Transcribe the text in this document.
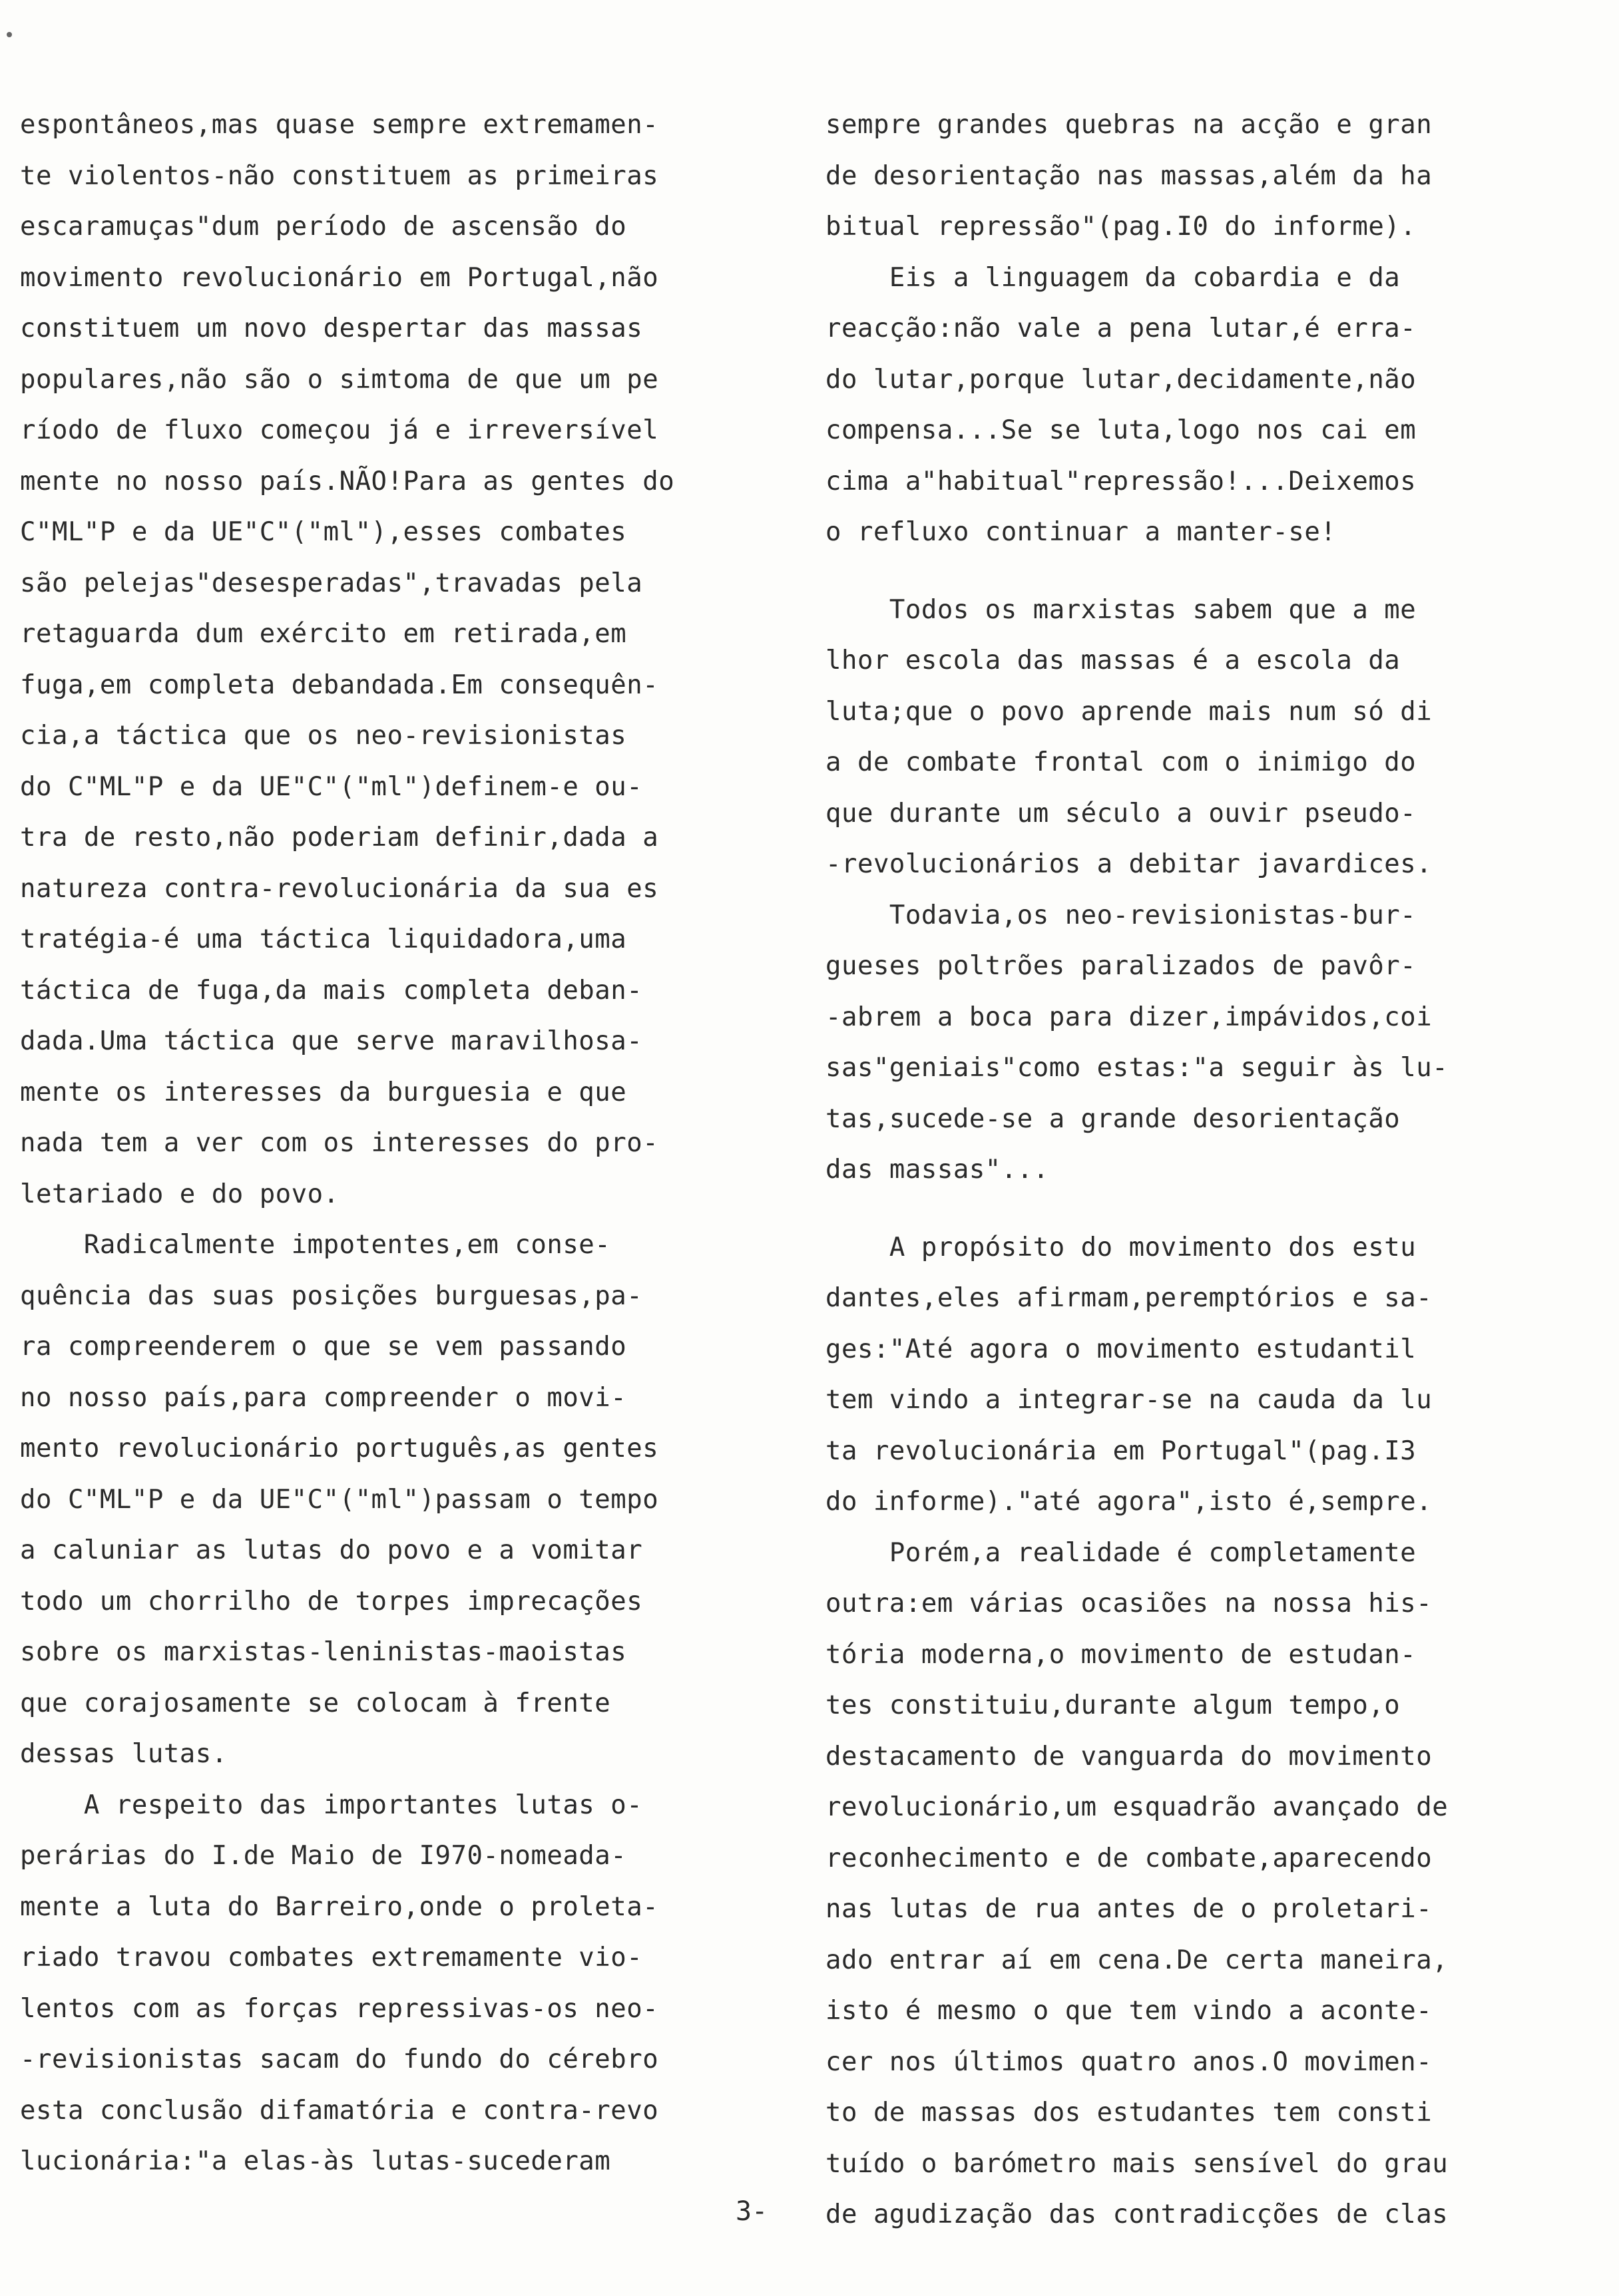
espontâneos,mas quase sempre extremamen-
te violentos-não constituem as primeiras
escaramuças"dum período de ascensão do
movimento revolucionário em Portugal,não
constituem um novo despertar das massas
populares,não são o simtoma de que um pe
ríodo de fluxo começou já e irreversível
mente no nosso país.NÃO!Para as gentes do
C"ML"P e da UE"C"("ml"),esses combates
são pelejas"desesperadas",travadas pela
retaguarda dum exército em retirada,em
fuga,em completa debandada.Em consequên-
cia,a táctica que os neo-revisionistas
do C"ML"P e da UE"C"("ml")definem-e ou-
tra de resto,não poderiam definir,dada a
natureza contra-revolucionária da sua es
tratégia-é uma táctica liquidadora,uma
táctica de fuga,da mais completa deban-
dada.Uma táctica que serve maravilhosa-
mente os interesses da burguesia e que
nada tem a ver com os interesses do pro-
letariado e do povo.
Radicalmente impotentes,em conse-
quência das suas posições burguesas,pa-
ra compreenderem o que se vem passando
no nosso país,para compreender o movi-
mento revolucionário português,as gentes
do C"ML"P e da UE"C"("ml")passam o tempo
a caluniar as lutas do povo e a vomitar
todo um chorrilho de torpes imprecações
sobre os marxistas-leninistas-maoistas
que corajosamente se colocam à frente
dessas lutas.
A respeito das importantes lutas o-
perárias do I.de Maio de I970-nomeada-
mente a luta do Barreiro,onde o proleta-
riado travou combates extremamente vio-
lentos com as forças repressivas-os neo-
-revisionistas sacam do fundo do cérebro
esta conclusão difamatória e contra-revo
lucionária:"a elas-às lutas-sucederam
sempre grandes quebras na acção e gran
de desorientação nas massas,além da ha
bitual repressão"(pag.I0 do informe).
Eis a linguagem da cobardia e da
reacção:não vale a pena lutar,é erra-
do lutar,porque lutar,decidamente,não
compensa...Se se luta,logo nos cai em
cima a"habitual"repressão!...Deixemos
o refluxo continuar a manter-se!
Todos os marxistas sabem que a me
lhor escola das massas é a escola da
luta;que o povo aprende mais num só di
a de combate frontal com o inimigo do
que durante um século a ouvir pseudo-
-revolucionários a debitar javardices.
Todavia,os neo-revisionistas-bur-
gueses poltrões paralizados de pavôr-
-abrem a boca para dizer,impávidos,coi
sas"geniais"como estas:"a seguir às lu-
tas,sucede-se a grande desorientação
das massas"...
A propósito do movimento dos estu
dantes,eles afirmam,peremptórios e sa-
ges:"Até agora o movimento estudantil
tem vindo a integrar-se na cauda da lu
ta revolucionária em Portugal"(pag.I3
do informe)."até agora",isto é,sempre.
Porém,a realidade é completamente
outra:em várias ocasiões na nossa his-
tória moderna,o movimento de estudan-
tes constituiu,durante algum tempo,o
destacamento de vanguarda do movimento
revolucionário,um esquadrão avançado de
reconhecimento e de combate,aparecendo
nas lutas de rua antes de o proletari-
ado entrar aí em cena.De certa maneira,
isto é mesmo o que tem vindo a aconte-
cer nos últimos quatro anos.O movimen-
to de massas dos estudantes tem consti
tuído o barómetro mais sensível do grau
de agudização das contradicções de clas
3-
